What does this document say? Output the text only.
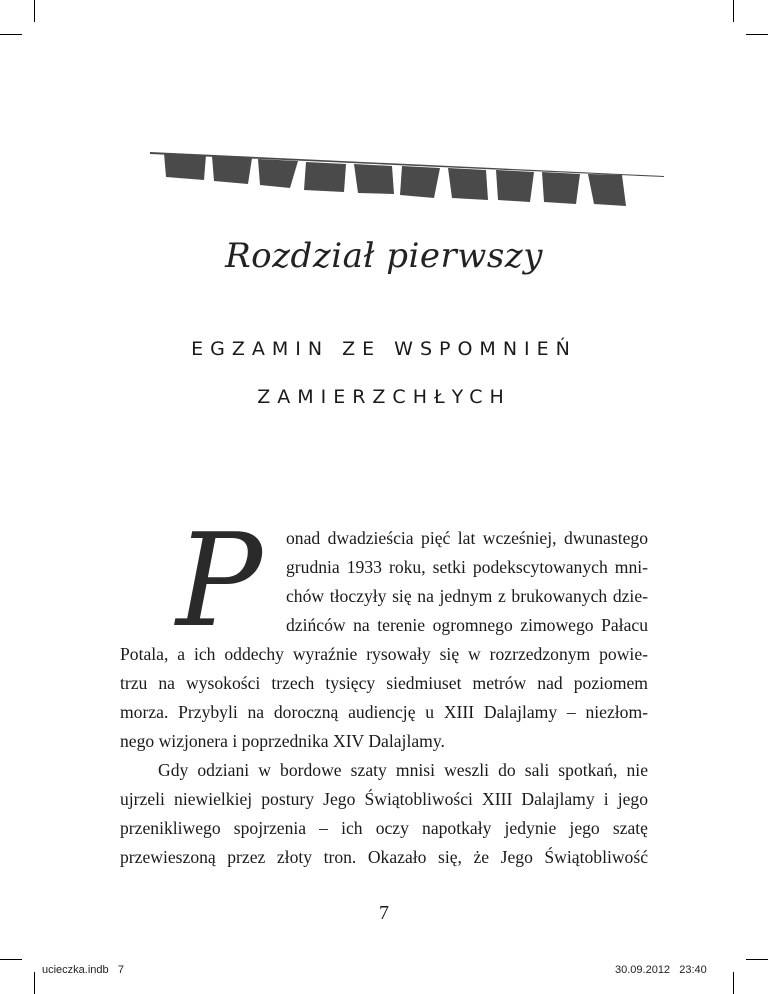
Rozdział pierwszy
EGZAMIN ZE WSPOMNIEŃ
ZAMIERZCHŁYCH
P	onad dwadzieścia pięć lat wcześniej, dwunastego
grudnia 1933 roku, setki podekscytowanych mni-
chów tłoczyły się na jednym z brukowanych dzie-
dzińców na terenie ogromnego zimowego Pałacu
Potala, a ich oddechy wyraźnie rysowały się w rozrzedzonym powie-
trzu na wysokości trzech tysięcy siedmiuset metrów nad poziomem
morza. Przybyli na doroczną audiencję u XIII Dalajlamy – niezłom-
nego wizjonera i poprzednika XIV Dalajlamy.
Gdy odziani w bordowe szaty mnisi weszli do sali spotkań, nie
ujrzeli niewielkiej postury Jego Świątobliwości XIII Dalajlamy i jego
przenikliwego spojrzenia – ich oczy napotkały jedynie jego szatę
przewieszoną przez złoty tron. Okazało się, że Jego Świątobliwość
7
ucieczka.indb   7	30.09.2012   23:40
